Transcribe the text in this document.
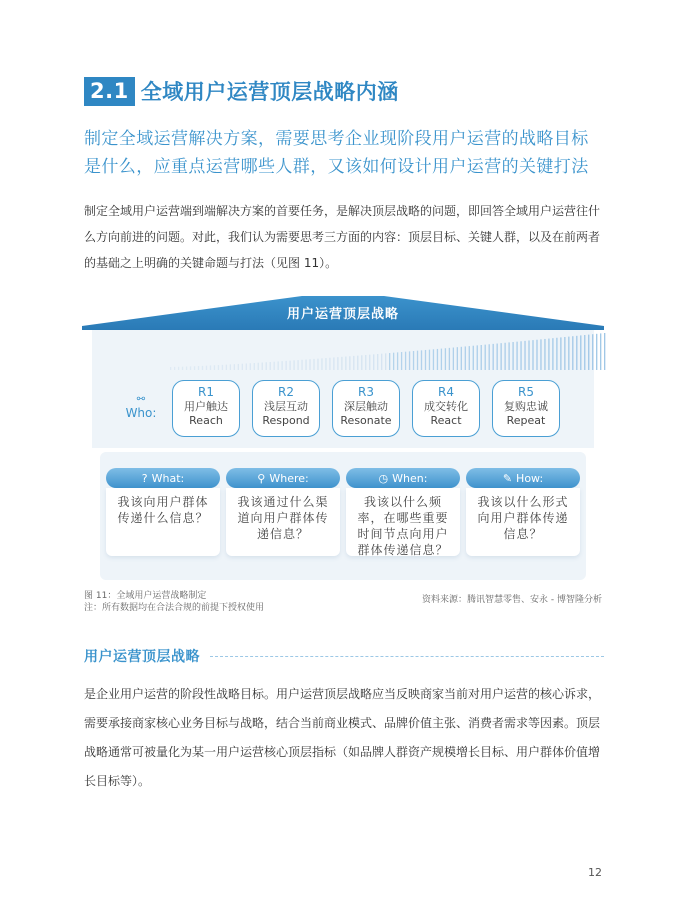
2.1 全域用户运营顶层战略内涵

制定全域运营解决方案，需要思考企业现阶段用户运营的战略目标是什么，应重点运营哪些人群，又该如何设计用户运营的关键打法

制定全域用户运营端到端解决方案的首要任务，是解决顶层战略的问题，即回答全域用户运营往什么方向前进的问题。对此，我们认为需要思考三方面的内容：顶层目标、关键人群，以及在前两者的基础之上明确的关键命题与打法（见图 11）。

用户运营顶层战略
⚯
Who:
R1
用户触达
Reach
R2
浅层互动
Respond
R3
深层触动
Resonate
R4
成交转化
React
R5
复购忠诚
Repeat
? What:
我该向用户群体传递什么信息？
⚲ Where:
我该通过什么渠道向用户群体传递信息？
◷ When:
我该以什么频率，在哪些重要时间节点向用户群体传递信息？
✎ How:
我该以什么形式向用户群体传递信息？
图 11：全域用户运营战略制定
注：所有数据均在合法合规的前提下授权使用
资料来源：腾讯智慧零售、安永 - 博智隆分析
用户运营顶层战略

是企业用户运营的阶段性战略目标。用户运营顶层战略应当反映商家当前对用户运营的核心诉求，需要承接商家核心业务目标与战略，结合当前商业模式、品牌价值主张、消费者需求等因素。顶层战略通常可被量化为某一用户运营核心顶层指标（如品牌人群资产规模增长目标、用户群体价值增长目标等）。

12
